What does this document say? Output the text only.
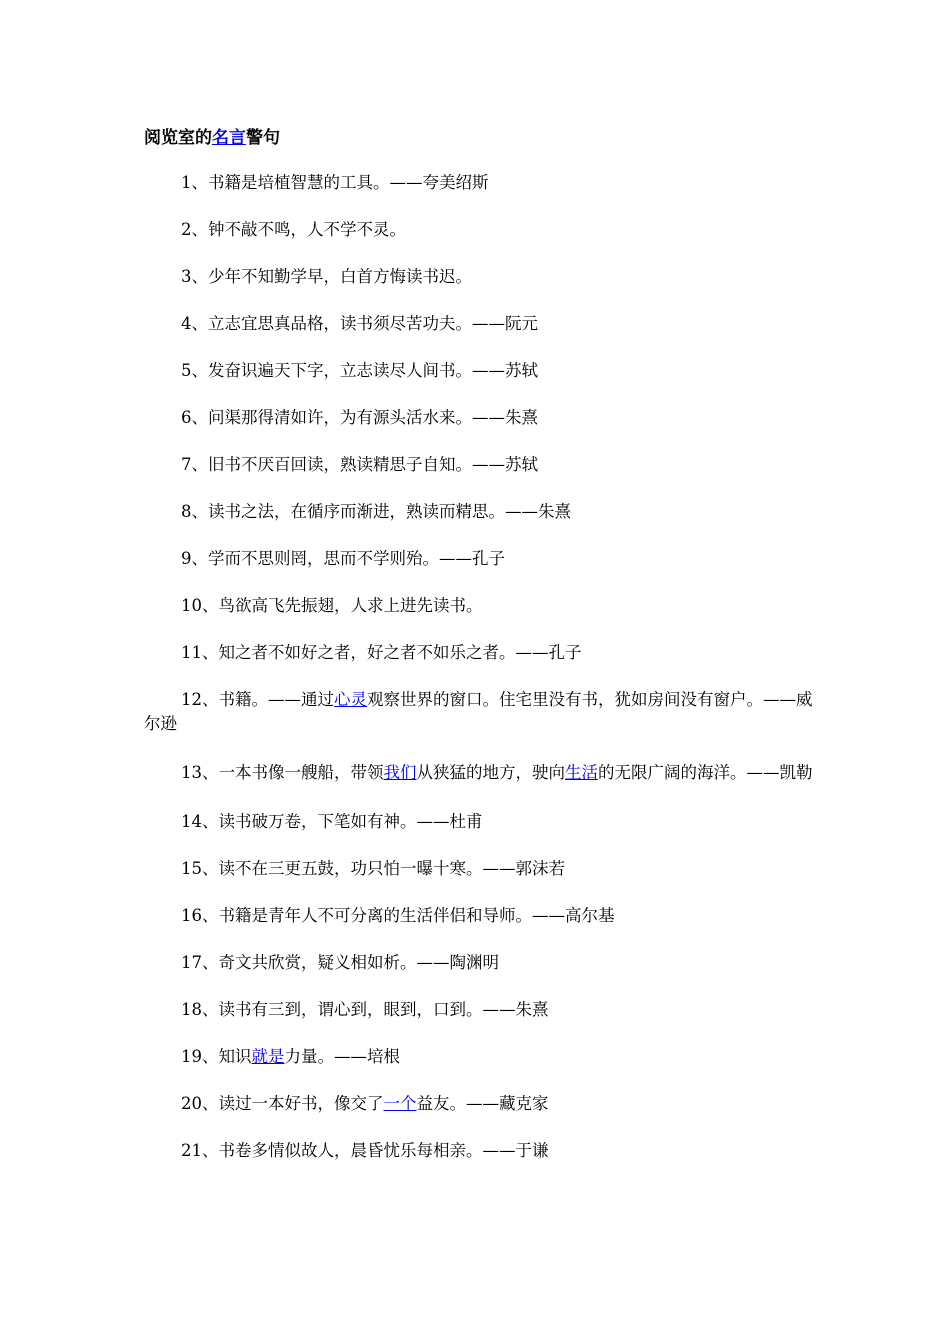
阅览室的名言警句

1、书籍是培植智慧的工具。——夸美绍斯

2、钟不敲不鸣，人不学不灵。

3、少年不知勤学早，白首方悔读书迟。

4、立志宜思真品格，读书须尽苦功夫。——阮元

5、发奋识遍天下字，立志读尽人间书。——苏轼

6、问渠那得清如许，为有源头活水来。——朱熹

7、旧书不厌百回读，熟读精思子自知。——苏轼

8、读书之法，在循序而渐进，熟读而精思。——朱熹

9、学而不思则罔，思而不学则殆。——孔子

10、鸟欲高飞先振翅，人求上进先读书。

11、知之者不如好之者，好之者不如乐之者。——孔子

12、书籍。——通过心灵观察世界的窗口。住宅里没有书，犹如房间没有窗户。——威尔逊

13、一本书像一艘船，带领我们从狭猛的地方，驶向生活的无限广阔的海洋。——凯勒

14、读书破万卷，下笔如有神。——杜甫

15、读不在三更五鼓，功只怕一曝十寒。——郭沫若

16、书籍是青年人不可分离的生活伴侣和导师。——高尔基

17、奇文共欣赏，疑义相如析。——陶渊明

18、读书有三到，谓心到，眼到，口到。——朱熹

19、知识就是力量。——培根

20、读过一本好书，像交了一个益友。——藏克家

21、书卷多情似故人，晨昏忧乐每相亲。——于谦
